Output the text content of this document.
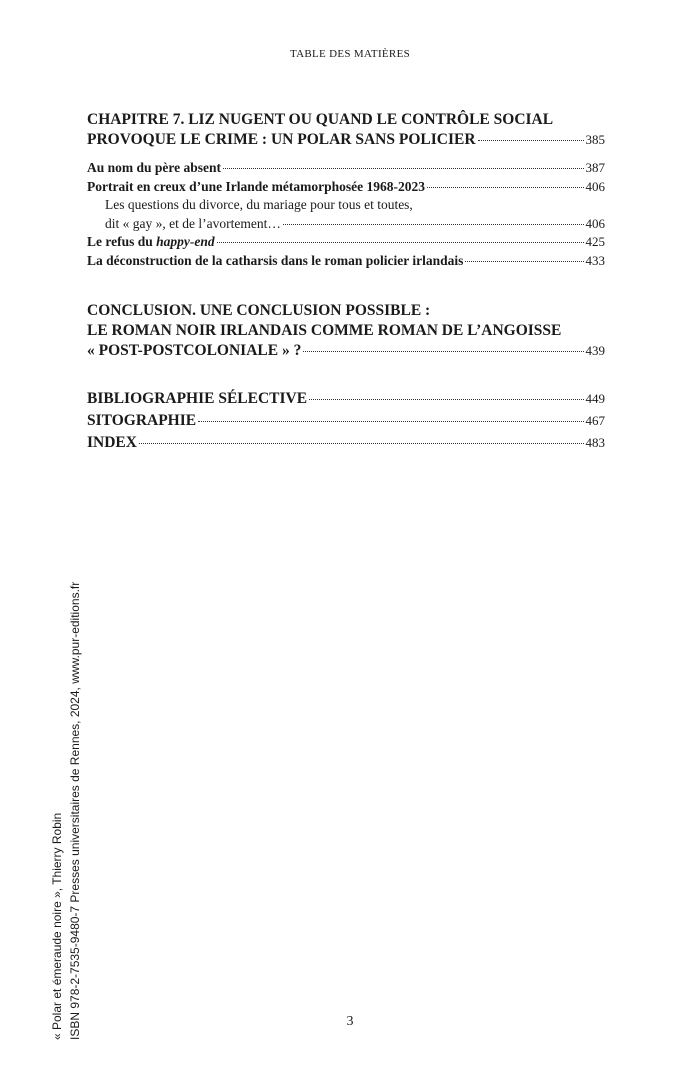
TABLE DES MATIÈRES
CHAPITRE 7. LIZ NUGENT OU QUAND LE CONTRÔLE SOCIAL
PROVOQUE LE CRIME : UN POLAR SANS POLICIER	385
Au nom du père absent	387
Portrait en creux d’une Irlande métamorphosée 1968-2023	406
Les questions du divorce, du mariage pour tous et toutes,
dit « gay », et de l’avortement…	406
Le refus du happy-end	425
La déconstruction de la catharsis dans le roman policier irlandais	433
CONCLUSION. UNE CONCLUSION POSSIBLE :
LE ROMAN NOIR IRLANDAIS COMME ROMAN DE L’ANGOISSE
« POST-POSTCOLONIALE » ?	439
BIBLIOGRAPHIE SÉLECTIVE	449
SITOGRAPHIE	467
INDEX	483
« Polar et émeraude noire », Thierry Robin ISBN 978-2-7535-9480-7 Presses universitaires de Rennes, 2024, www.pur-editions.fr	3
